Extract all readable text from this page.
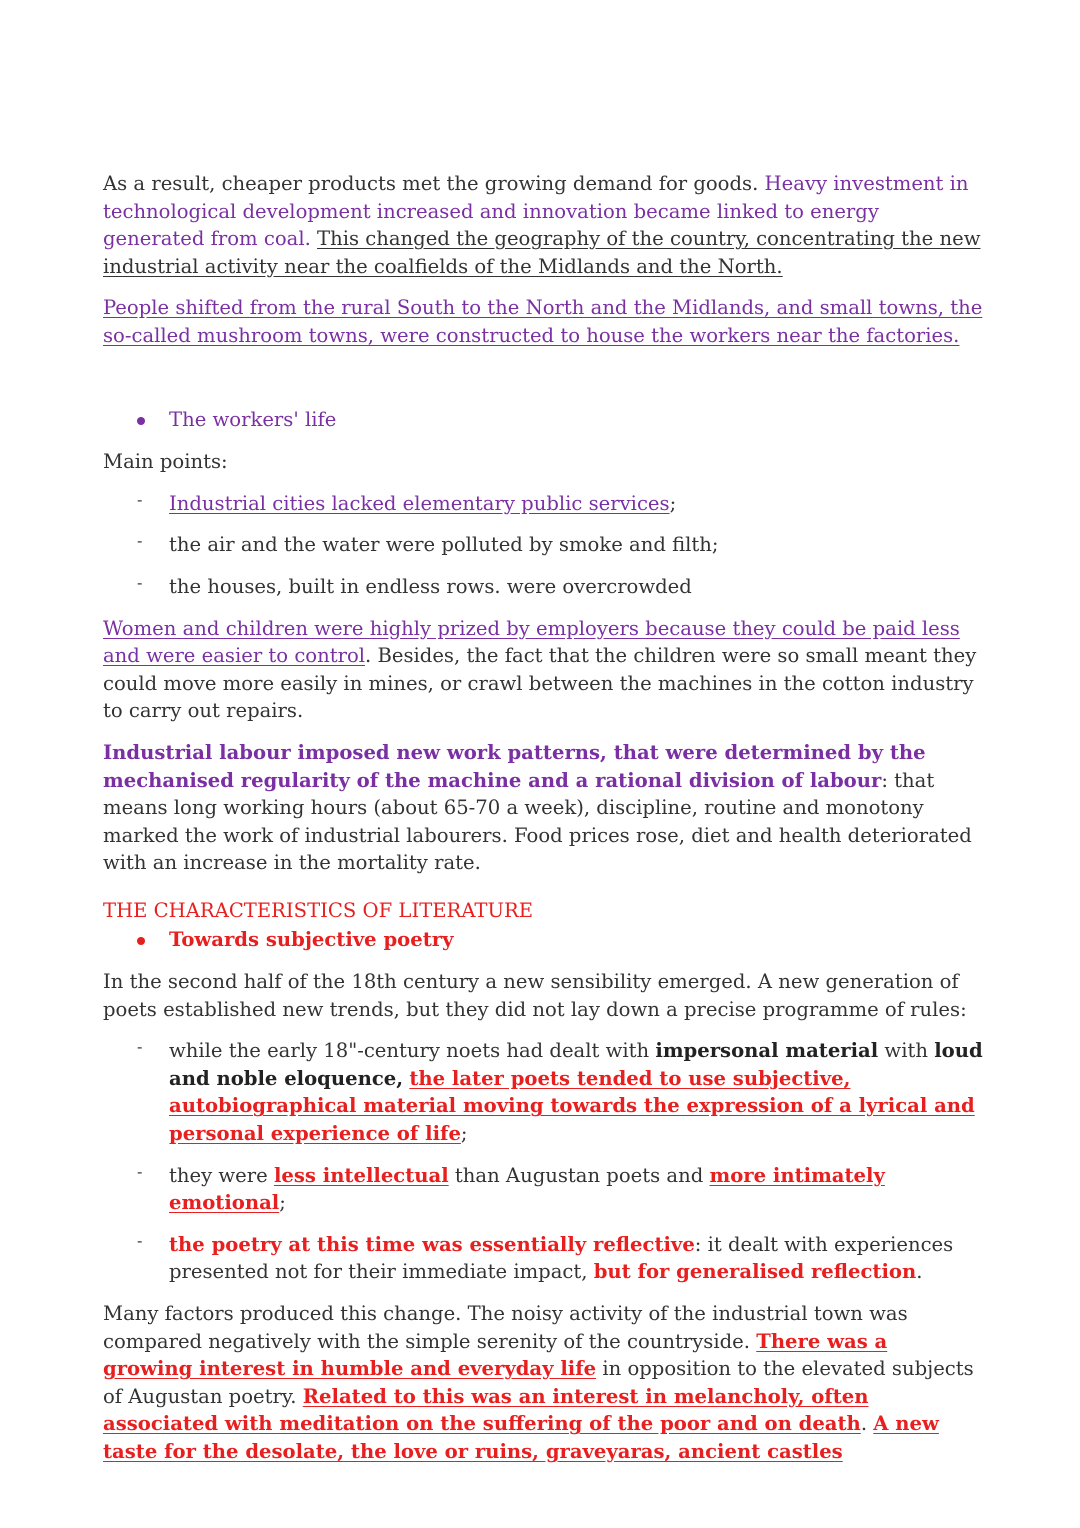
As a result, cheaper products met the growing demand for goods. Heavy investment in technological development increased and innovation became linked to energy generated from coal. This changed the geography of the country, concentrating the new industrial activity near the coalfields of the Midlands and the North.

People shifted from the rural South to the North and the Midlands, and small towns, the so-called mushroom towns, were constructed to house the workers near the factories.

The workers' life

Main points:

- Industrial cities lacked elementary public services;

- the air and the water were polluted by smoke and filth;

- the houses, built in endless rows. were overcrowded

Women and children were highly prized by employers because they could be paid less and were easier to control. Besides, the fact that the children were so small meant they could move more easily in mines, or crawl between the machines in the cotton industry to carry out repairs.

Industrial labour imposed new work patterns, that were determined by the mechanised regularity of the machine and a rational division of labour: that means long working hours (about 65-70 a week), discipline, routine and monotony marked the work of industrial labourers. Food prices rose, diet and health deteriorated with an increase in the mortality rate.

THE CHARACTERISTICS OF LITERATURE

Towards subjective poetry

In the second half of the 18th century a new sensibility emerged. A new generation of poets established new trends, but they did not lay down a precise programme of rules:

- while the early 18"-century noets had dealt with impersonal material with loud and noble eloquence, the later poets tended to use subjective, autobiographical material moving towards the expression of a lyrical and personal experience of life;

- they were less intellectual than Augustan poets and more intimately emotional;

- the poetry at this time was essentially reflective: it dealt with experiences presented not for their immediate impact, but for generalised reflection.

Many factors produced this change. The noisy activity of the industrial town was compared negatively with the simple serenity of the countryside. There was a growing interest in humble and everyday life in opposition to the elevated subjects of Augustan poetry. Related to this was an interest in melancholy, often associated with meditation on the suffering of the poor and on death. A new taste for the desolate, the love or ruins, graveyaras, ancient castles
